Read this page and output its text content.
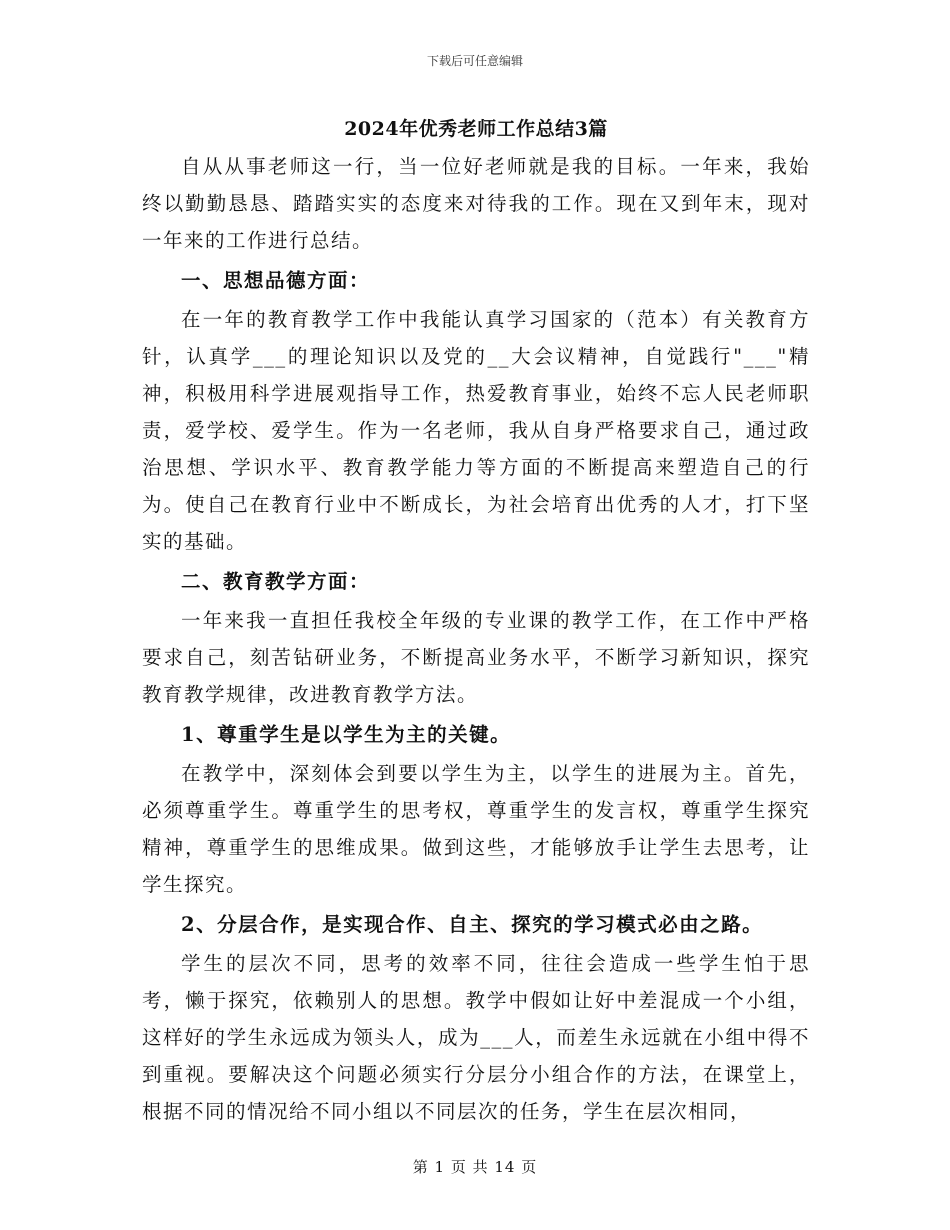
下载后可任意编辑
2024年优秀老师工作总结3篇

自从从事老师这一行，当一位好老师就是我的目标。一年来，我始终以勤勤恳恳、踏踏实实的态度来对待我的工作。现在又到年末，现对一年来的工作进行总结。

一、思想品德方面：

在一年的教育教学工作中我能认真学习国家的（范本）有关教育方针，认真学___的理论知识以及党的__大会议精神，自觉践行"___"精神，积极用科学进展观指导工作，热爱教育事业，始终不忘人民老师职责，爱学校、爱学生。作为一名老师，我从自身严格要求自己，通过政治思想、学识水平、教育教学能力等方面的不断提高来塑造自己的行为。使自己在教育行业中不断成长，为社会培育出优秀的人才，打下坚实的基础。

二、教育教学方面：

一年来我一直担任我校全年级的专业课的教学工作，在工作中严格要求自己，刻苦钻研业务，不断提高业务水平，不断学习新知识，探究教育教学规律，改进教育教学方法。

1、尊重学生是以学生为主的关键。

在教学中，深刻体会到要以学生为主，以学生的进展为主。首先，必须尊重学生。尊重学生的思考权，尊重学生的发言权，尊重学生探究精神，尊重学生的思维成果。做到这些，才能够放手让学生去思考，让学生探究。

2、分层合作，是实现合作、自主、探究的学习模式必由之路。

学生的层次不同，思考的效率不同，往往会造成一些学生怕于思考，懒于探究，依赖别人的思想。教学中假如让好中差混成一个小组，这样好的学生永远成为领头人，成为___人，而差生永远就在小组中得不到重视。要解决这个问题必须实行分层分小组合作的方法，在课堂上，根据不同的情况给不同小组以不同层次的任务，学生在层次相同，

第 1 页 共 14 页
